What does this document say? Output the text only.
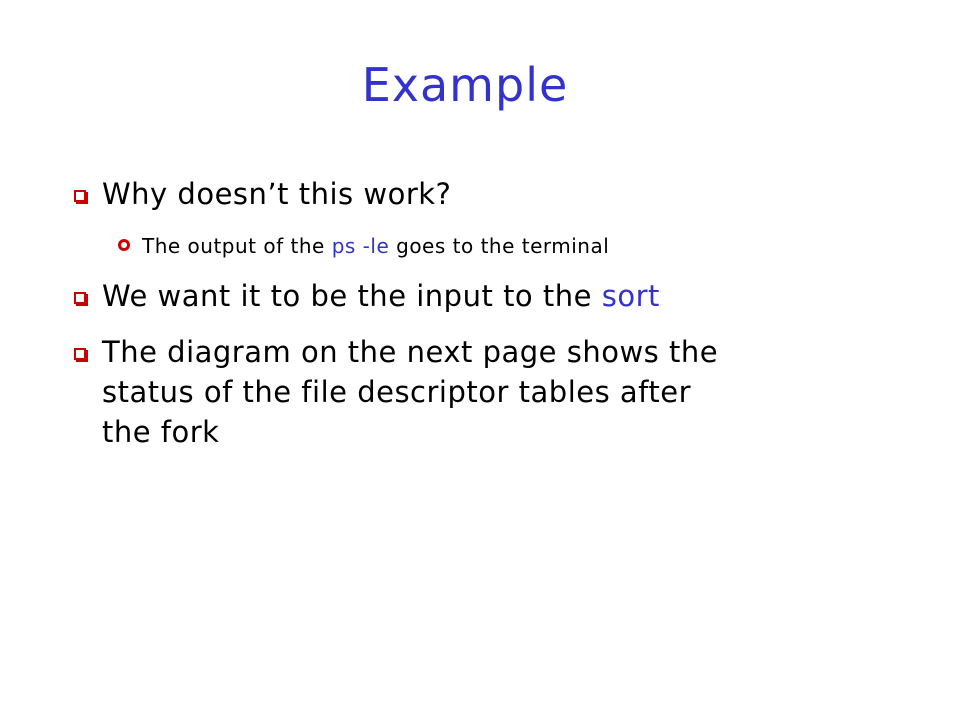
Example
Why doesn’t this work?
The output of the ps -le goes to the terminal
We want it to be the input to the sort
The diagram on the next page shows the
status of the file descriptor tables after
the fork
